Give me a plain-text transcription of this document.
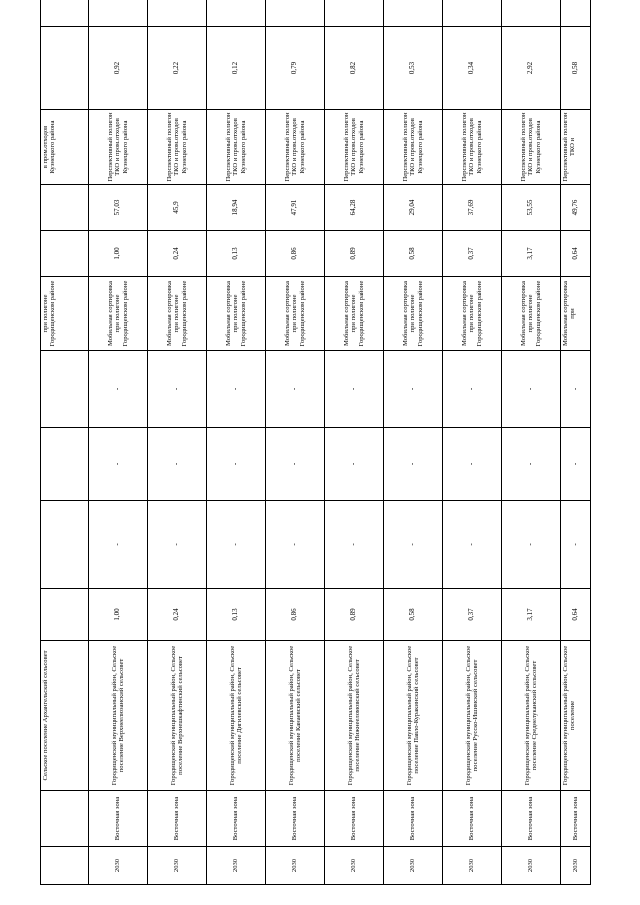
		Сельское поселение Архангельский сельсовет					при полигоне Городищенском районе			в пром.отходов Кузнецкого района		
2030	Восточная зона	Городищенский муниципальный район, Сельское поселение Верхнеелюзанский сельсовет	1,00	-	-	-	Мобильная сортировка при полигоне Городищенском районе	1,00	57,03	Перспективный полигон ТКО и пром.отходов Кузнецкого района	0,92	
2030	Восточная зона	Городищенский муниципальный район, Сельское поселение Верхнешкафтинский сельсовет	0,24	-	-	-	Мобильная сортировка при полигоне Городищенском районе	0,24	45,9	Перспективный полигон ТКО и пром.отходов Кузнецкого района	0,22	
2030	Восточная зона	Городищенский муниципальный район, Сельское поселение Дигилевский сельсовет	0,13	-	-	-	Мобильная сортировка при полигоне Городищенском районе	0,13	18,94	Перспективный полигон ТКО и пром.отходов Кузнецкого района	0,12	
2030	Восточная зона	Городищенский муниципальный район, Сельское поселение Канаевский сельсовет	0,86	-	-	-	Мобильная сортировка при полигоне Городищенском районе	0,86	47,91	Перспективный полигон ТКО и пром.отходов Кузнецкого района	0,79	
2030	Восточная зона	Городищенский муниципальный район, Сельское поселение Нижнееломовский сельсовет	0,89	-	-	-	Мобильная сортировка при полигоне Городищенском районе	0,89	64,28	Перспективный полигон ТКО и пром.отходов Кузнецкого района	0,82	
2030	Восточная зона	Городищенский муниципальный район, Сельское поселение Павло-Куракинский сельсовет	0,58	-	-	-	Мобильная сортировка при полигоне Городищенском районе	0,58	29,04	Перспективный полигон ТКО и пром.отходов Кузнецкого района	0,53	
2030	Восточная зона	Городищенский муниципальный район, Сельское поселение Русско-Ишимский сельсовет	0,37	-	-	-	Мобильная сортировка при полигоне Городищенском районе	0,37	37,69	Перспективный полигон ТКО и пром.отходов Кузнецкого района	0,34	
2030	Восточная зона	Городищенский муниципальный район, Сельское поселение Среднелуканский сельсовет	3,17	-	-	-	Мобильная сортировка при полигоне Городищенском районе	3,17	53,55	Перспективный полигон ТКО и пром.отходов Кузнецкого района	2,92	
2030	Восточная зона	Городищенский муниципальный район, Сельское поселение	0,64	-	-	-	Мобильная сортировка при	0,64	49,76	Перспективный полигон ТКО и	0,58	
